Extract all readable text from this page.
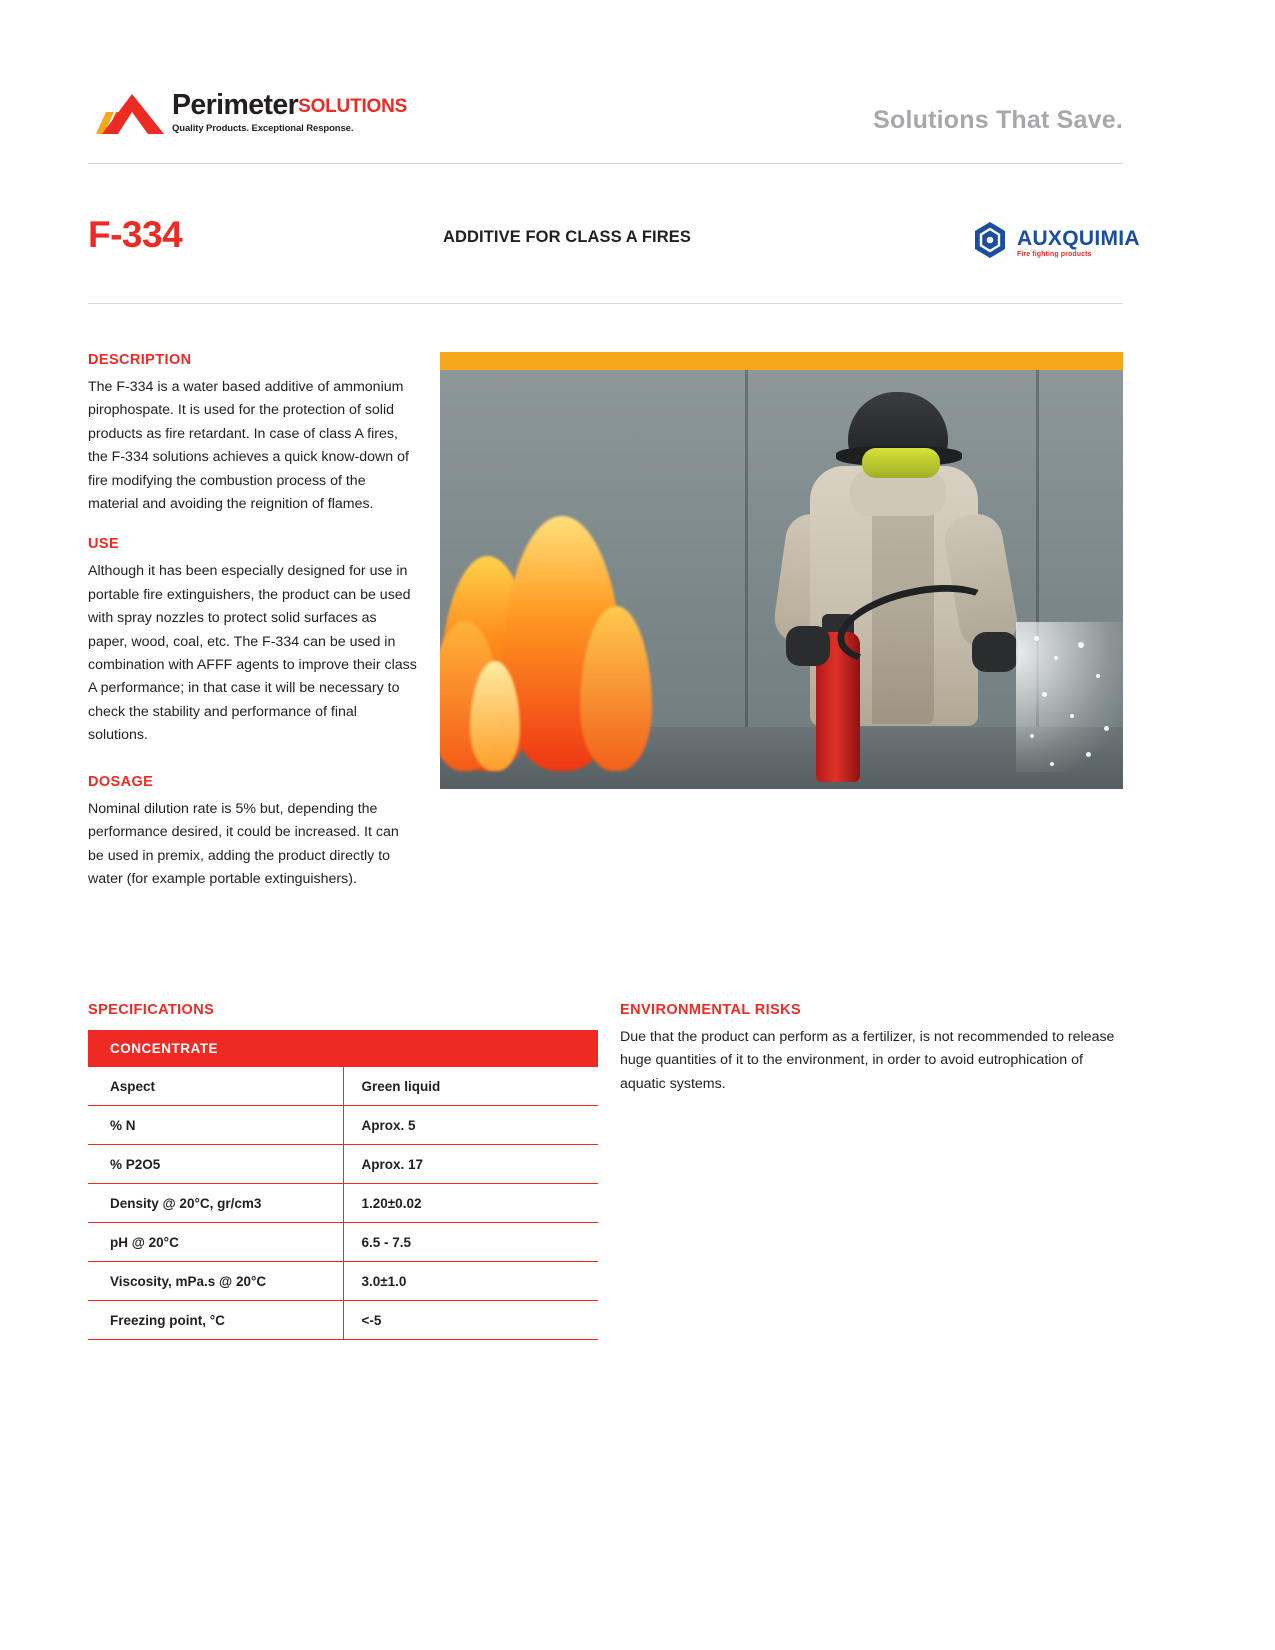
PerimeterSOLUTIONS
Quality Products. Exceptional Response.	Solutions That Save.
F-334	ADDITIVE FOR CLASS A FIRES	AUXQUIMIA
Fire fighting products
DESCRIPTION

The F-334 is a water based additive of ammonium pirophospate. It is used for the protection of solid products as fire retardant. In case of class A fires, the F-334 solutions achieves a quick know-down of fire modifying the combustion process of the material and avoiding the reignition of flames.

USE

Although it has been especially designed for use in portable fire extinguishers, the product can be used with spray nozzles to protect solid surfaces as paper, wood, coal, etc. The F-334 can be used in combination with AFFF agents to improve their class A performance; in that case it will be necessary to check the stability and performance of final solutions.

DOSAGE

Nominal dilution rate is 5% but, depending the performance desired, it could be increased. It can be used in premix, adding the product directly to water (for example portable extinguishers).

SPECIFICATIONS
CONCENTRATE	
Aspect	Green liquid
% N	Aprox. 5
% P2O5	Aprox. 17
Density @ 20°C, gr/cm3	1.20±0.02
pH @ 20°C	6.5 - 7.5
Viscosity, mPa.s @ 20°C	3.0±1.0
Freezing point, °C	<-5
ENVIRONMENTAL RISKS
Due that the product can perform as a fertilizer, is not recommended to release huge quantities of it to the environment, in order to avoid eutrophication of aquatic systems.
